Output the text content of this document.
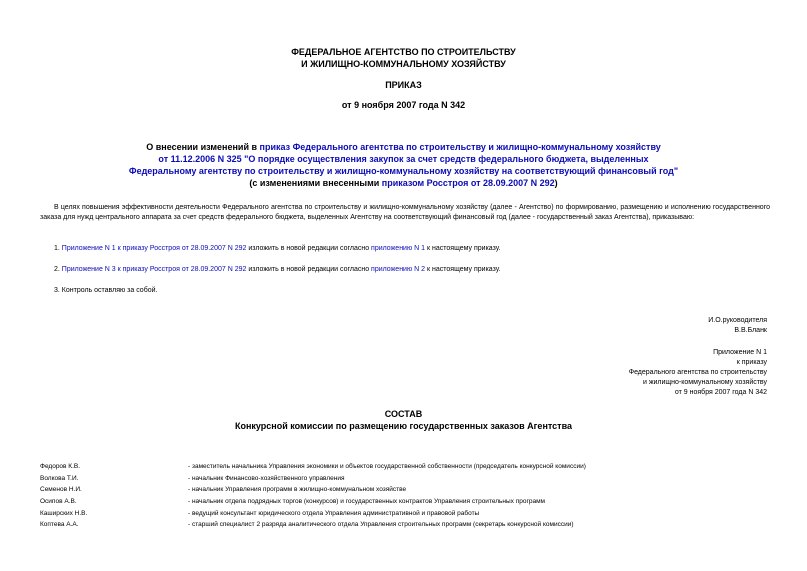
ФЕДЕРАЛЬНОЕ АГЕНТСТВО ПО СТРОИТЕЛЬСТВУ
И ЖИЛИЩНО-КОММУНАЛЬНОМУ ХОЗЯЙСТВУ
ПРИКАЗ
от 9 ноября 2007 года N 342
О внесении изменений в приказ Федерального агентства по строительству и жилищно-коммунальному хозяйству
от 11.12.2006 N 325 "О порядке осуществления закупок за счет средств федерального бюджета, выделенных
Федеральному агентству по строительству и жилищно-коммунальному хозяйству на соответствующий финансовый год"
(с изменениями внесенными приказом Росстроя от 28.09.2007 N 292)
В целях повышения эффективности деятельности Федерального агентства по строительству и жилищно-коммунальному хозяйству (далее - Агентство) по формированию, размещению и исполнению государственного заказа для нужд центрального аппарата за счет средств федерального бюджета, выделенных Агентству на соответствующий финансовый год (далее - государственный заказ Агентства), приказываю:
1. Приложение N 1 к приказу Росстроя от 28.09.2007 N 292 изложить в новой редакции согласно приложению N 1 к настоящему приказу.
2. Приложение N 3 к приказу Росстроя от 28.09.2007 N 292 изложить в новой редакции согласно приложению N 2 к настоящему приказу.
3. Контроль оставляю за собой.
И.О.руководителя
В.В.Бланк
Приложение N 1
к приказу
Федерального агентства по строительству
и жилищно-коммунальному хозяйству
от 9 ноября 2007 года N 342
СОСТАВ
Конкурсной комиссии по размещению государственных заказов Агентства
Федоров К.В.	- заместитель начальника Управления экономики и объектов государственной собственности (председатель конкурсной комиссии)
Волкова Т.И.	- начальник Финансово-хозяйственного управления
Семенов Н.И.	- начальник Управления программ в жилищно-коммунальном хозяйстве
Осипов А.В.	- начальник отдела подрядных торгов (конкурсов) и государственных контрактов Управления строительных программ
Каширских Н.В.	- ведущий консультант юридического отдела Управления административной и правовой работы
Коптева А.А.	- старший специалист 2 разряда аналитического отдела Управления строительных программ (секретарь конкурсной комиссии)
